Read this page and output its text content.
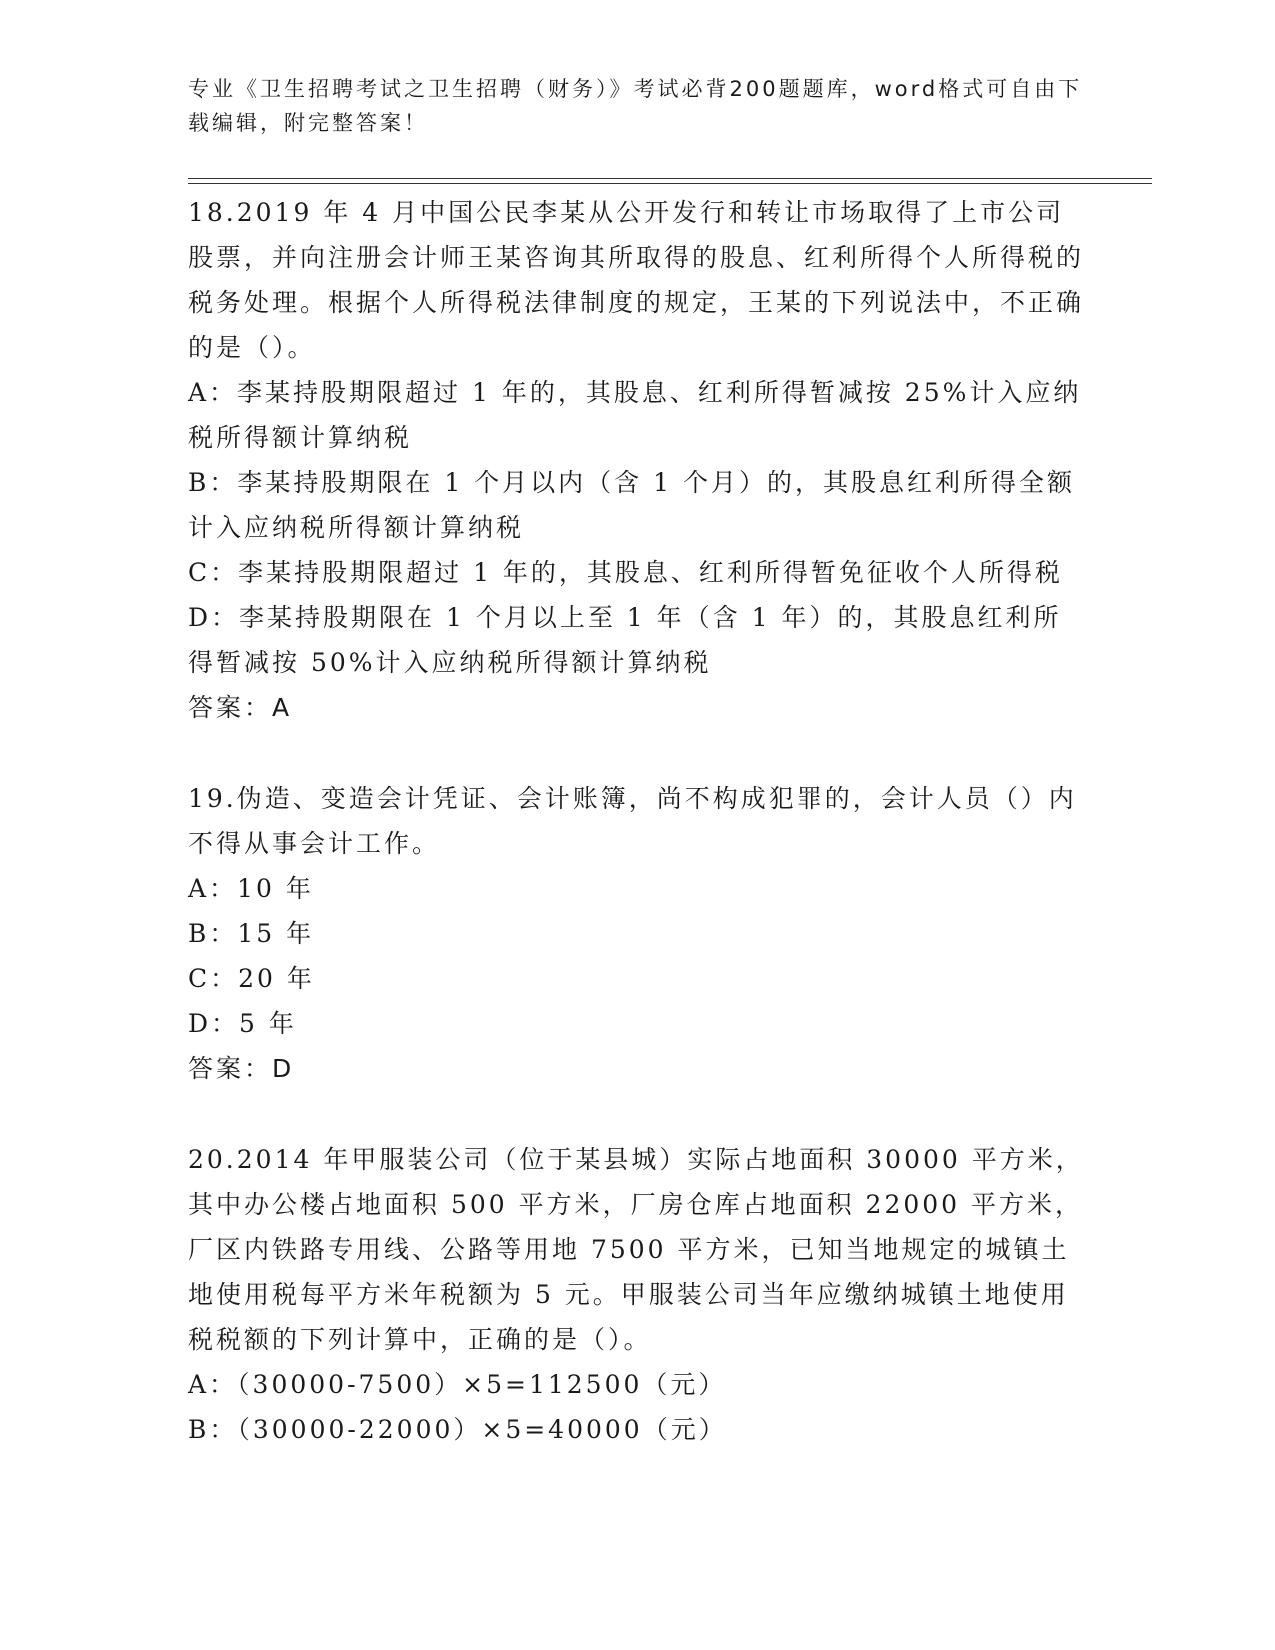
专业《卫生招聘考试之卫生招聘（财务）》考试必背200题题库，word格式可自由下载编辑，附完整答案！

18.2019 年 4 月中国公民李某从公开发行和转让市场取得了上市公司股票，并向注册会计师王某咨询其所取得的股息、红利所得个人所得税的税务处理。根据个人所得税法律制度的规定，王某的下列说法中，不正确的是（）。

A：李某持股期限超过 1 年的，其股息、红利所得暂减按 25%计入应纳税所得额计算纳税

B：李某持股期限在 1 个月以内（含 1 个月）的，其股息红利所得全额计入应纳税所得额计算纳税

C：李某持股期限超过 1 年的，其股息、红利所得暂免征收个人所得税

D：李某持股期限在 1 个月以上至 1 年（含 1 年）的，其股息红利所得暂减按 50%计入应纳税所得额计算纳税

答案：A

19.伪造、变造会计凭证、会计账簿，尚不构成犯罪的，会计人员（）内不得从事会计工作。

A：10 年

B：15 年

C：20 年

D：5 年

答案：D

20.2014 年甲服装公司（位于某县城）实际占地面积 30000 平方米，其中办公楼占地面积 500 平方米，厂房仓库占地面积 22000 平方米，厂区内铁路专用线、公路等用地 7500 平方米，已知当地规定的城镇土地使用税每平方米年税额为 5 元。甲服装公司当年应缴纳城镇土地使用税税额的下列计算中，正确的是（）。

A：（30000-7500）×5=112500（元）

B：（30000-22000）×5=40000（元）
